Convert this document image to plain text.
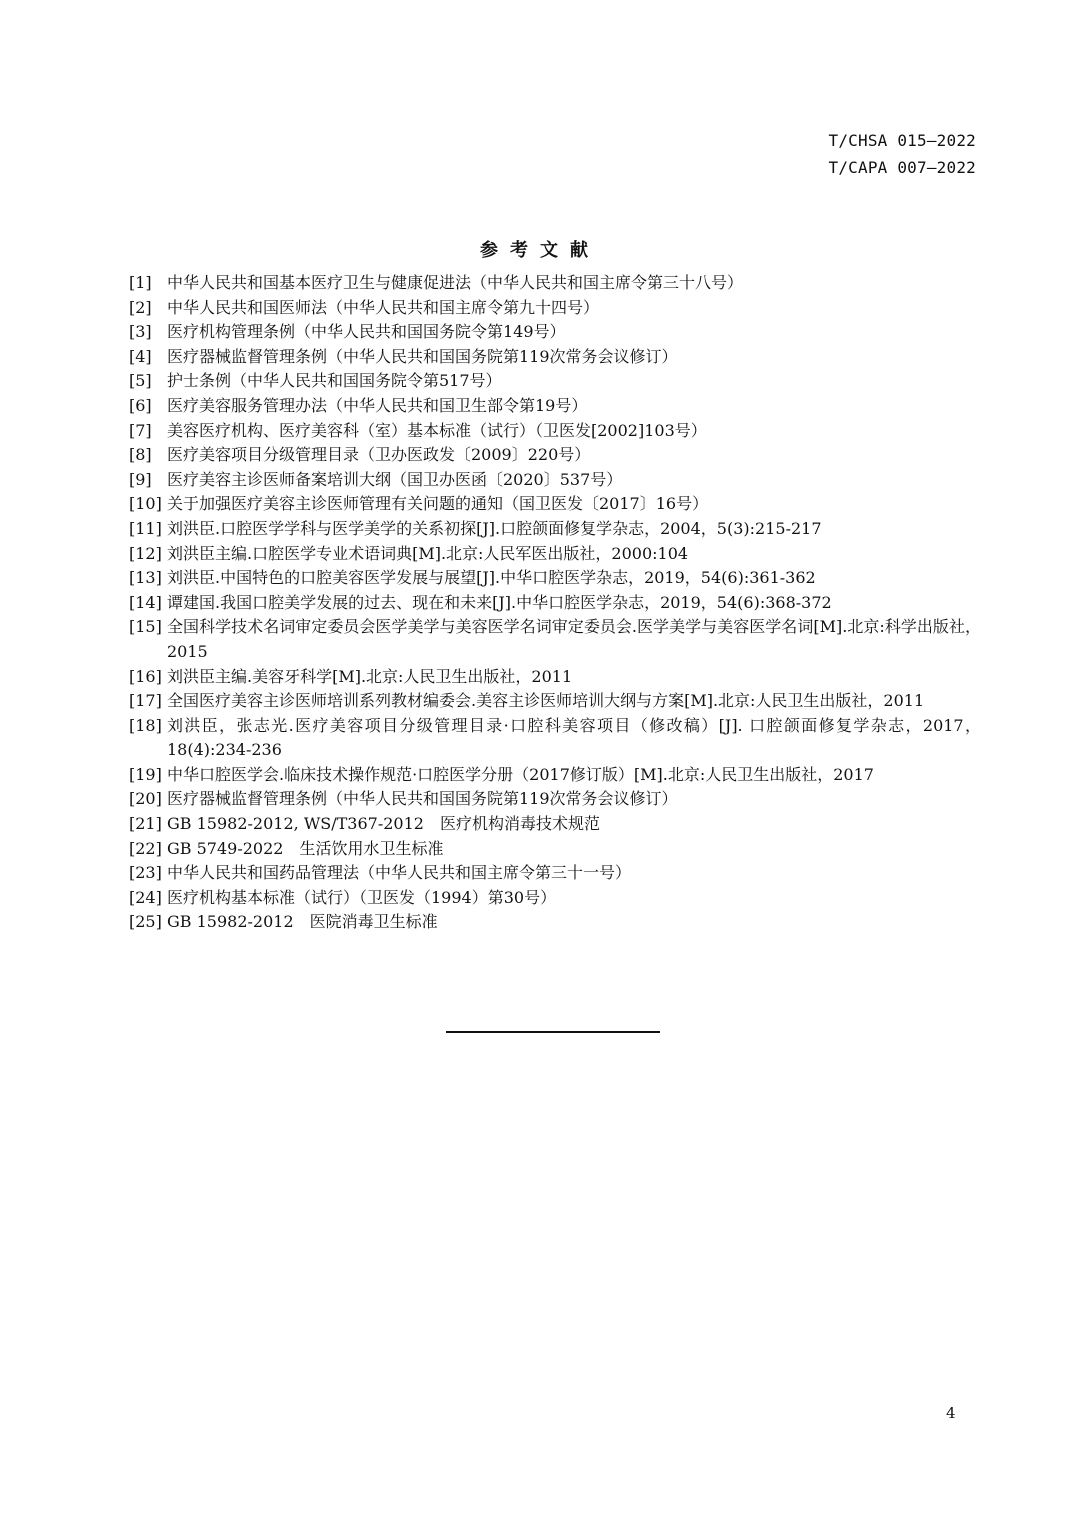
T/CHSA 015—2022
T/CAPA 007—2022
参考文献
[1] 中华人民共和国基本医疗卫生与健康促进法（中华人民共和国主席令第三十八号）
[2] 中华人民共和国医师法（中华人民共和国主席令第九十四号）
[3] 医疗机构管理条例（中华人民共和国国务院令第149号）
[4] 医疗器械监督管理条例（中华人民共和国国务院第119次常务会议修订）
[5] 护士条例（中华人民共和国国务院令第517号）
[6] 医疗美容服务管理办法（中华人民共和国卫生部令第19号）
[7] 美容医疗机构、医疗美容科（室）基本标准（试行）（卫医发[2002]103号）
[8] 医疗美容项目分级管理目录（卫办医政发〔2009〕220号）
[9] 医疗美容主诊医师备案培训大纲（国卫办医函〔2020〕537号）
[10] 关于加强医疗美容主诊医师管理有关问题的通知（国卫医发〔2017〕16号）
[11] 刘洪臣.口腔医学学科与医学美学的关系初探[J].口腔颌面修复学杂志，2004，5(3):215-217
[12] 刘洪臣主编.口腔医学专业术语词典[M].北京:人民军医出版社，2000:104
[13] 刘洪臣.中国特色的口腔美容医学发展与展望[J].中华口腔医学杂志，2019，54(6):361-362
[14] 谭建国.我国口腔美学发展的过去、现在和未来[J].中华口腔医学杂志，2019，54(6):368-372
[15] 全国科学技术名词审定委员会医学美学与美容医学名词审定委员会.医学美学与美容医学名词[M].北京:科学出版社，2015
[16] 刘洪臣主编.美容牙科学[M].北京:人民卫生出版社，2011
[17] 全国医疗美容主诊医师培训系列教材编委会.美容主诊医师培训大纲与方案[M].北京:人民卫生出版社，2011
[18] 刘洪臣，张志光.医疗美容项目分级管理目录·口腔科美容项目（修改稿）[J]. 口腔颌面修复学杂志，2017，18(4):234-236
[19] 中华口腔医学会.临床技术操作规范·口腔医学分册（2017修订版）[M].北京:人民卫生出版社，2017
[20] 医疗器械监督管理条例（中华人民共和国国务院第119次常务会议修订）
[21] GB 15982-2012, WS/T367-2012　医疗机构消毒技术规范
[22] GB 5749-2022　生活饮用水卫生标准
[23] 中华人民共和国药品管理法（中华人民共和国主席令第三十一号）
[24] 医疗机构基本标准（试行）（卫医发（1994）第30号）
[25] GB 15982-2012　医院消毒卫生标准
4
